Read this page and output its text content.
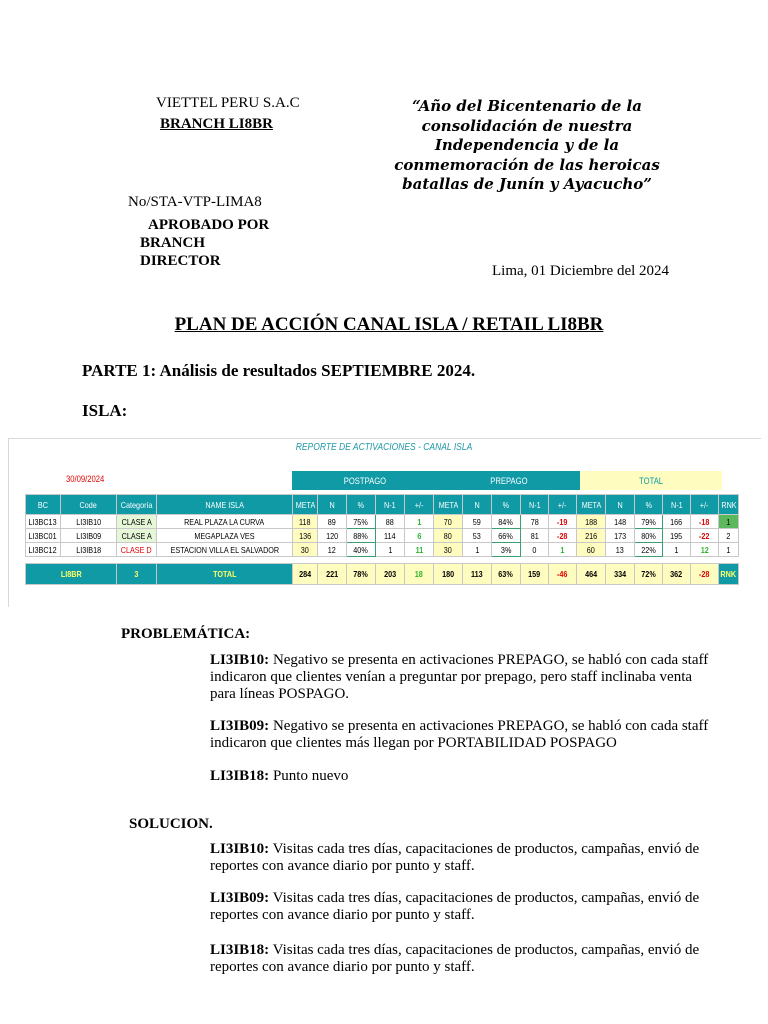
VIETTEL PERU S.A.C
BRANCH LI8BR
“Año del Bicentenario de la consolidación de nuestra Independencia y de la conmemoración de las heroicas batallas de Junín y Ayacucho”
No/STA-VTP-LIMA8
APROBADO POR
BRANCH
DIRECTOR
Lima, 01 Diciembre del 2024
PLAN DE ACCIÓN CANAL ISLA / RETAIL LI8BR
PARTE 1: Análisis de resultados SEPTIEMBRE 2024.
ISLA:
REPORTE DE ACTIVACIONES - CANAL ISLA
30/09/2024	POSTPAGO	PREPAGO	TOTAL
BC	Code	Categoría	NAME ISLA	META	N	%	N-1	+/-	META	N	%	N-1	+/-	META	N	%	N-1	+/-	RNK
LI3BC13	LI3IB10	CLASE A	REAL PLAZA LA CURVA	118	89	75%	88	1	70	59	84%	78	-19	188	148	79%	166	-18	1
LI3BC01	LI3IB09	CLASE A	MEGAPLAZA VES	136	120	88%	114	6	80	53	66%	81	-28	216	173	80%	195	-22	2
LI3BC12	LI3IB18	CLASE D	ESTACION VILLA EL SALVADOR	30	12	40%	1	11	30	1	3%	0	1	60	13	22%	1	12	1

LI8BR		3	TOTAL	284	221	78%	203	18	180	113	63%	159	-46	464	334	72%	362	-28	RNK
PROBLEMÁTICA:
LI3IB10: Negativo se presenta en activaciones PREPAGO, se habló con cada staff indicaron que clientes venían a preguntar por prepago, pero staff inclinaba venta para líneas POSPAGO.
LI3IB09: Negativo se presenta en activaciones PREPAGO, se habló con cada staff indicaron que clientes más llegan por PORTABILIDAD POSPAGO
LI3IB18: Punto nuevo
SOLUCION.
LI3IB10: Visitas cada tres días, capacitaciones de productos, campañas, envió de reportes con avance diario por punto y staff.
LI3IB09: Visitas cada tres días, capacitaciones de productos, campañas, envió de reportes con avance diario por punto y staff.
LI3IB18: Visitas cada tres días, capacitaciones de productos, campañas, envió de reportes con avance diario por punto y staff.
